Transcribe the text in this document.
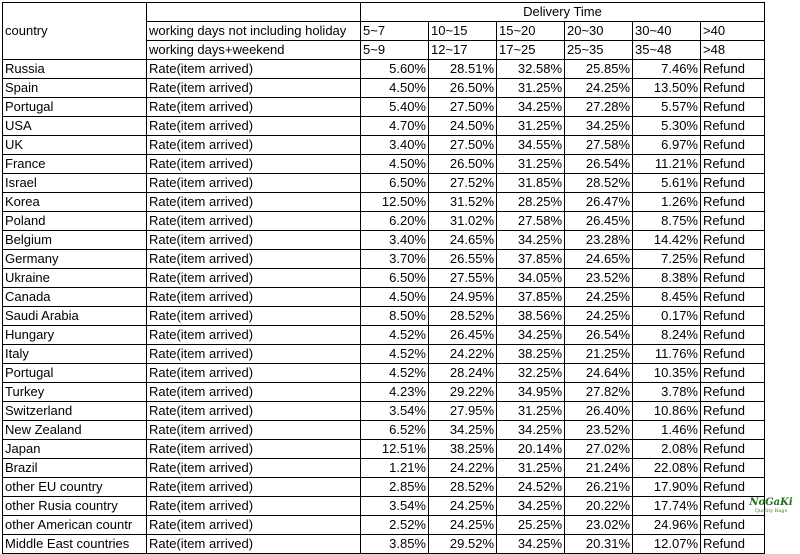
country		Delivery Time					
	working days not including holiday	5~7	10~15	15~20	20~30	30~40	>40
	working days+weekend	5~9	12~17	17~25	25~35	35~48	>48
Russia	Rate(item arrived)	5.60%	28.51%	32.58%	25.85%	7.46%	Refund
Spain	Rate(item arrived)	4.50%	26.50%	31.25%	24.25%	13.50%	Refund
Portugal	Rate(item arrived)	5.40%	27.50%	34.25%	27.28%	5.57%	Refund
USA	Rate(item arrived)	4.70%	24.50%	31.25%	34.25%	5.30%	Refund
UK	Rate(item arrived)	3.40%	27.50%	34.55%	27.58%	6.97%	Refund
France	Rate(item arrived)	4.50%	26.50%	31.25%	26.54%	11.21%	Refund
Israel	Rate(item arrived)	6.50%	27.52%	31.85%	28.52%	5.61%	Refund
Korea	Rate(item arrived)	12.50%	31.52%	28.25%	26.47%	1.26%	Refund
Poland	Rate(item arrived)	6.20%	31.02%	27.58%	26.45%	8.75%	Refund
Belgium	Rate(item arrived)	3.40%	24.65%	34.25%	23.28%	14.42%	Refund
Germany	Rate(item arrived)	3.70%	26.55%	37.85%	24.65%	7.25%	Refund
Ukraine	Rate(item arrived)	6.50%	27.55%	34.05%	23.52%	8.38%	Refund
Canada	Rate(item arrived)	4.50%	24.95%	37.85%	24.25%	8.45%	Refund
Saudi Arabia	Rate(item arrived)	8.50%	28.52%	38.56%	24.25%	0.17%	Refund
Hungary	Rate(item arrived)	4.52%	26.45%	34.25%	26.54%	8.24%	Refund
Italy	Rate(item arrived)	4.52%	24.22%	38.25%	21.25%	11.76%	Refund
Portugal	Rate(item arrived)	4.52%	28.24%	32.25%	24.64%	10.35%	Refund
Turkey	Rate(item arrived)	4.23%	29.22%	34.95%	27.82%	3.78%	Refund
Switzerland	Rate(item arrived)	3.54%	27.95%	31.25%	26.40%	10.86%	Refund
New Zealand	Rate(item arrived)	6.52%	34.25%	34.25%	23.52%	1.46%	Refund
Japan	Rate(item arrived)	12.51%	38.25%	20.14%	27.02%	2.08%	Refund
Brazil	Rate(item arrived)	1.21%	24.22%	31.25%	21.24%	22.08%	Refund
other EU country	Rate(item arrived)	2.85%	28.52%	24.52%	26.21%	17.90%	Refund
other Rusia country	Rate(item arrived)	3.54%	24.25%	34.25%	20.22%	17.74%	Refund
other American countr	Rate(item arrived)	2.52%	24.25%	25.25%	23.02%	24.96%	Refund
Middle East countries	Rate(item arrived)	3.85%	29.52%	34.25%	20.31%	12.07%	Refund
NoGaKi
Quality Bags
